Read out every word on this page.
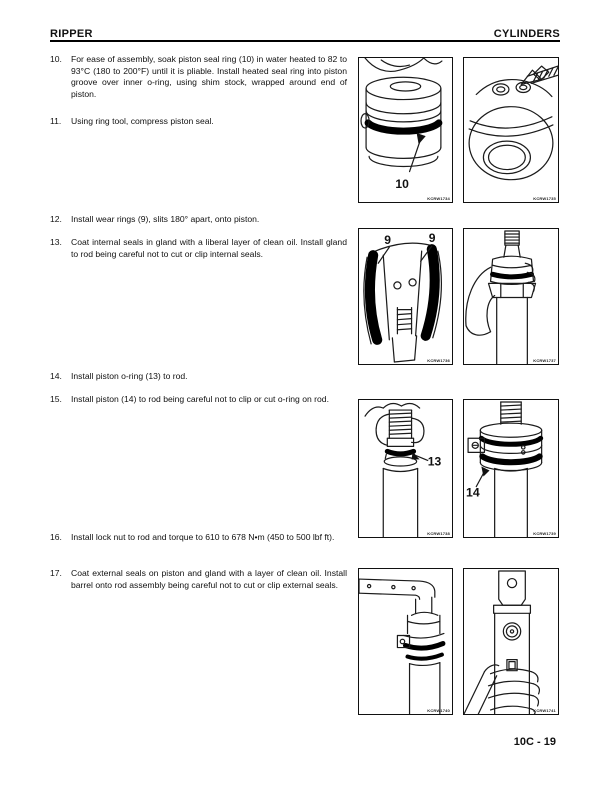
RIPPER	CYLINDERS
10.	For ease of assembly, soak piston seal ring (10) in water heated to 82 to 93°C (180 to 200°F) until it is pliable. Install heated seal ring into piston groove over inner o-ring, using shim stock, wrapped around end of piston.
11.	Using ring tool, compress piston seal.
12.	Install wear rings (9), slits 180° apart, onto piston.
13.	Coat internal seals in gland with a liberal layer of clean oil. Install gland to rod being careful not to cut or clip internal seals.
14.	Install piston o-ring (13) to rod.
15.	Install piston (14) to rod being careful not to clip or cut o-ring on rod.
16.	Install lock nut to rod and torque to 610 to 678 N•m (450 to 500 lbf ft).
17.	Coat external seals on piston and gland with a layer of clean oil. Install barrel onto rod assembly being careful not to cut or clip external seals.
10
KCRW1734	KCRW1735
9	9
KCRW1736	KCRW1737
13
KCRW1738
14
KCRW1739
KCRW1740	KCRW1741
10C - 19
